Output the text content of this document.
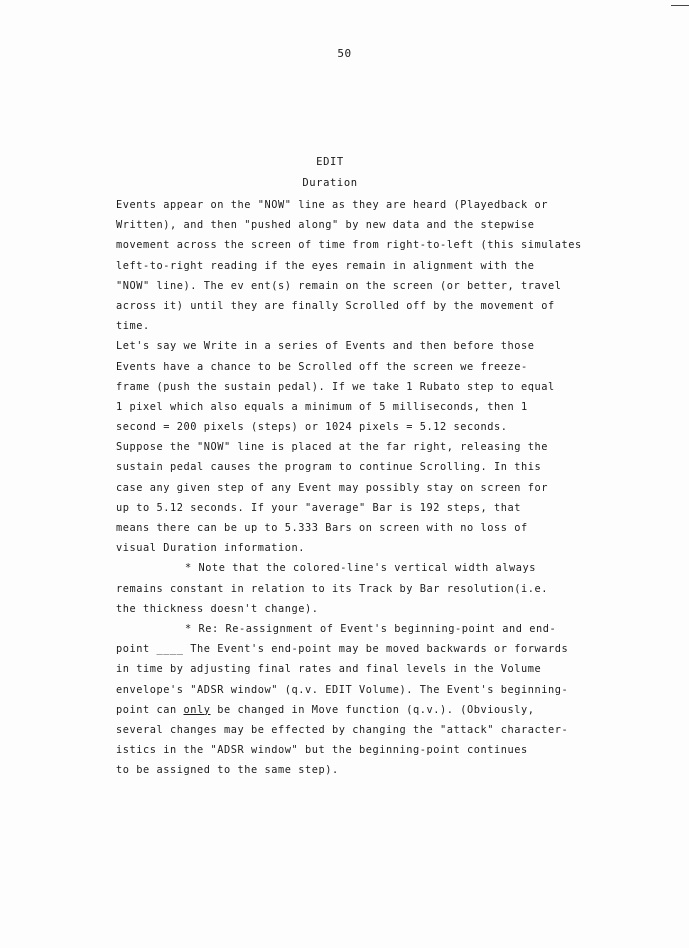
50
EDIT
Duration
Events appear on the "NOW" line as they are heard (Playedback or
Written), and then "pushed along" by new data and the stepwise
movement across the screen of time from right-to-left (this simulates
left-to-right reading if the eyes remain in alignment with the
"NOW" line). The ev ent(s) remain on the screen (or better, travel
across it) until they are finally Scrolled off by the movement of
time.
Let's say we Write in a series of Events and then before those
Events have a chance to be Scrolled off the screen we freeze-
frame (push the sustain pedal). If we take 1 Rubato step to equal
1 pixel which also equals a minimum of 5 milliseconds, then 1
second = 200 pixels (steps) or 1024 pixels = 5.12 seconds.
Suppose the "NOW" line is placed at the far right, releasing the
sustain pedal causes the program to continue Scrolling. In this
case any given step of any Event may possibly stay on screen for
up to 5.12 seconds. If your "average" Bar is 192 steps, that
means there can be up to 5.333 Bars on screen with no loss of
visual Duration information.
* Note that the colored-line's vertical width always
remains constant in relation to its Track by Bar resolution(i.e.
the thickness doesn't change).
* Re: Re-assignment of Event's beginning-point and end-
point ____ The Event's end-point may be moved backwards or forwards
in time by adjusting final rates and final levels in the Volume
envelope's "ADSR window" (q.v. EDIT Volume). The Event's beginning-
point can only be changed in Move function (q.v.). (Obviously,
several changes may be effected by changing the "attack" character-
istics in the "ADSR window" but the beginning-point continues
to be assigned to the same step).
